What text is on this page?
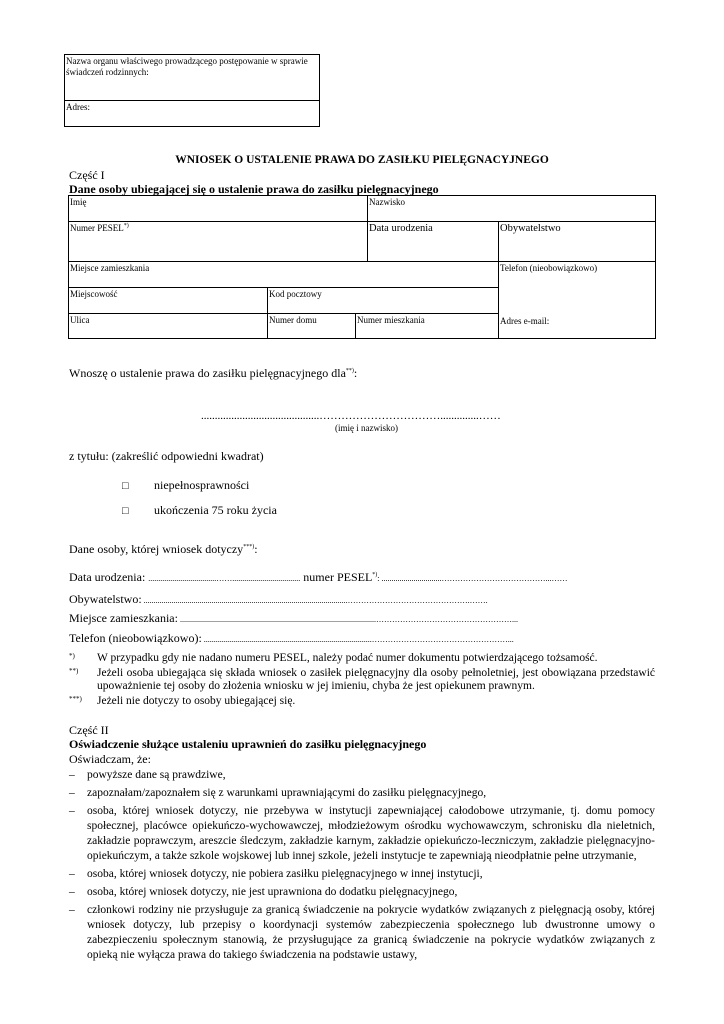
Nazwa organu właściwego prowadzącego postępowanie w sprawie świadczeń rodzinnych:
Adres:
WNIOSEK O USTALENIE PRAWA DO ZASIŁKU PIELĘGNACYJNEGO
Część I
Dane osoby ubiegającej się o ustalenie prawa do zasiłku pielęgnacyjnego
Imię	Nazwisko
Numer PESEL*)	Data urodzenia	Obywatelstwo
Miejsce zamieszkania	Telefon (nieobowiązkowo)
Adres e-mail:
Miejscowość	Kod pocztowy
Ulica	Numer domu	Numer mieszkania
Wnoszę o ustalenie prawa do zasiłku pielęgnacyjnego dla**):
...........................................……………………………..............……
(imię i nazwisko)
z tytułu: (zakreślić odpowiedni kwadrat)
□ niepełnosprawności
□ ukończenia 75 roku życia
Dane osoby, której wniosek dotyczy***):
Data urodzenia: ..................................…….................................. numer PESEL*): ..............................…………………………………...……
Obywatelstwo: ......................................................................................................……………………………………….…….
Miejsce zamieszkania: ..................................................................................................……………………………………………...
Telefon (nieobowiązkowo): ....................................................................................……………………………………………...
*) W przypadku gdy nie nadano numeru PESEL, należy podać numer dokumentu potwierdzającego tożsamość.
**) Jeżeli osoba ubiegająca się składa wniosek o zasiłek pielęgnacyjny dla osoby pełnoletniej, jest obowiązana przedstawić upoważnienie tej osoby do złożenia wniosku w jej imieniu, chyba że jest opiekunem prawnym.
***) Jeżeli nie dotyczy to osoby ubiegającej się.
Część II
Oświadczenie służące ustaleniu uprawnień do zasiłku pielęgnacyjnego
Oświadczam, że:
– powyższe dane są prawdziwe,
– zapoznałam/zapoznałem się z warunkami uprawniającymi do zasiłku pielęgnacyjnego,
– osoba, której wniosek dotyczy, nie przebywa w instytucji zapewniającej całodobowe utrzymanie, tj. domu pomocy społecznej, placówce opiekuńczo-wychowawczej, młodzieżowym ośrodku wychowawczym, schronisku dla nieletnich, zakładzie poprawczym, areszcie śledczym, zakładzie karnym, zakładzie opiekuńczo-leczniczym, zakładzie pielęgnacyjno-opiekuńczym, a także szkole wojskowej lub innej szkole, jeżeli instytucje te zapewniają nieodpłatnie pełne utrzymanie,
– osoba, której wniosek dotyczy, nie pobiera zasiłku pielęgnacyjnego w innej instytucji,
– osoba, której wniosek dotyczy, nie jest uprawniona do dodatku pielęgnacyjnego,
– członkowi rodziny nie przysługuje za granicą świadczenie na pokrycie wydatków związanych z pielęgnacją osoby, której wniosek dotyczy, lub przepisy o koordynacji systemów zabezpieczenia społecznego lub dwustronne umowy o zabezpieczeniu społecznym stanowią, że przysługujące za granicą świadczenie na pokrycie wydatków związanych z opieką nie wyłącza prawa do takiego świadczenia na podstawie ustawy,
